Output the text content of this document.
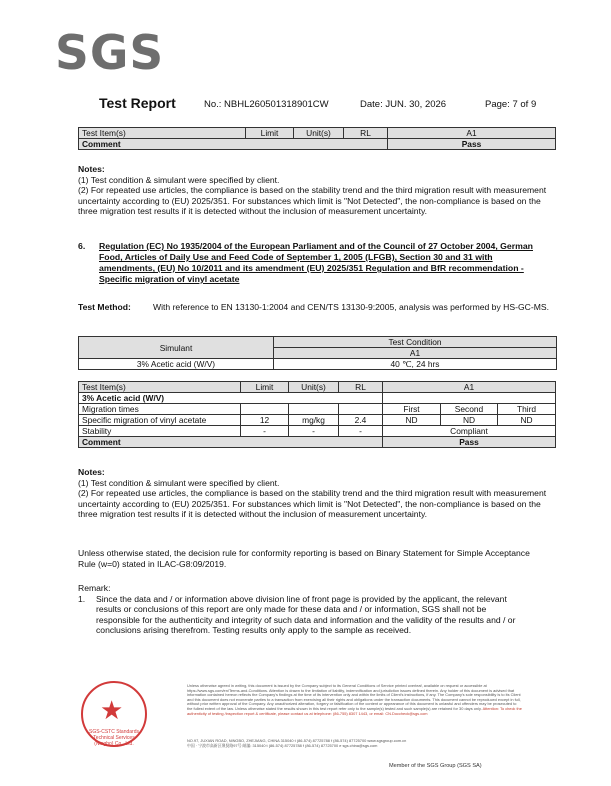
SGS
Test Report	No.: NBHL260501318901CW	Date: JUN. 30, 2026	Page: 7 of 9
Test Item(s)	Limit	Unit(s)	RL	A1
Comment				Pass
Notes:
(1) Test condition & simulant were specified by client.
(2) For repeated use articles, the compliance is based on the stability trend and the third migration result with measurement uncertainty according to (EU) 2025/351. For substances which limit is "Not Detected", the non-compliance is based on the three migration test results if it is detected without the inclusion of measurement uncertainty.
6. Regulation (EC) No 1935/2004 of the European Parliament and of the Council of 27 October 2004, German Food, Articles of Daily Use and Feed Code of September 1, 2005 (LFGB), Section 30 and 31 with amendments, (EU) No 10/2011 and its amendment (EU) 2025/351 Regulation and BfR recommendation - Specific migration of vinyl acetate
Test Method:	With reference to EN 13130-1:2004 and CEN/TS 13130-9:2005, analysis was performed by HS-GC-MS.
Simulant	Test Condition
	A1
3% Acetic acid (W/V)	40 ℃, 24 hrs
Test Item(s)	Limit	Unit(s)	RL	A1		
3% Acetic acid (W/V)						
Migration times				First	Second	Third
Specific migration of vinyl acetate	12	mg/kg	2.4	ND	ND	ND
Stability	-	-	-	Compliant		
Comment				Pass		
Notes:
(1) Test condition & simulant were specified by client.
(2) For repeated use articles, the compliance is based on the stability trend and the third migration result with measurement uncertainty according to (EU) 2025/351. For substances which limit is "Not Detected", the non-compliance is based on the three migration test results if it is detected without the inclusion of measurement uncertainty.
Unless otherwise stated, the decision rule for conformity reporting is based on Binary Statement for Simple Acceptance Rule (w=0) stated in ILAC-G8:09/2019.
Remark:
1. Since the data and / or information above division line of front page is provided by the applicant, the relevant results or conclusions of this report are only made for these data and / or information, SGS shall not be responsible for the authenticity and integrity of such data and information and the validity of the results and / or conclusions arising therefrom. Testing results only apply to the sample as received.
★
SGS-CSTC Standards Technical Services (Ningbo) Co., Ltd.
Unless otherwise agreed in writing, this document is issued by the Company subject to its General Conditions of Service printed overleaf, available on request or accessible at https://www.sgs.com/en/Terms-and-Conditions. Attention is drawn to the limitation of liability, indemnification and jurisdiction issues defined therein. Any holder of this document is advised that information contained hereon reflects the Company's findings at the time of its intervention only and within the limits of Client's instructions, if any. The Company's sole responsibility is to its Client and this document does not exonerate parties to a transaction from exercising all their rights and obligations under the transaction documents. This document cannot be reproduced except in full, without prior written approval of the Company. Any unauthorized alteration, forgery or falsification of the content or appearance of this document is unlawful and offenders may be prosecuted to the fullest extent of the law. Unless otherwise stated the results shown in this test report refer only to the sample(s) tested and such sample(s) are retained for 30 days only. Attention: To check the authenticity of testing /inspection report & certificate, please contact us at telephone: (86-755) 8307 1443, or email: CN.Doccheck@sgs.com
NO.97, JUXIAN ROAD, NINGBO, ZHEJIANG, CHINA 315040 t (86-574) 87725788 f (86-574) 87725700 www.sgsgroup.com.cn
中国 · 宁波市高新区聚贤路97号 邮编: 315040 t (86-574) 87725788 f (86-574) 87725700 e sgs.china@sgs.com
Member of the SGS Group (SGS SA)
